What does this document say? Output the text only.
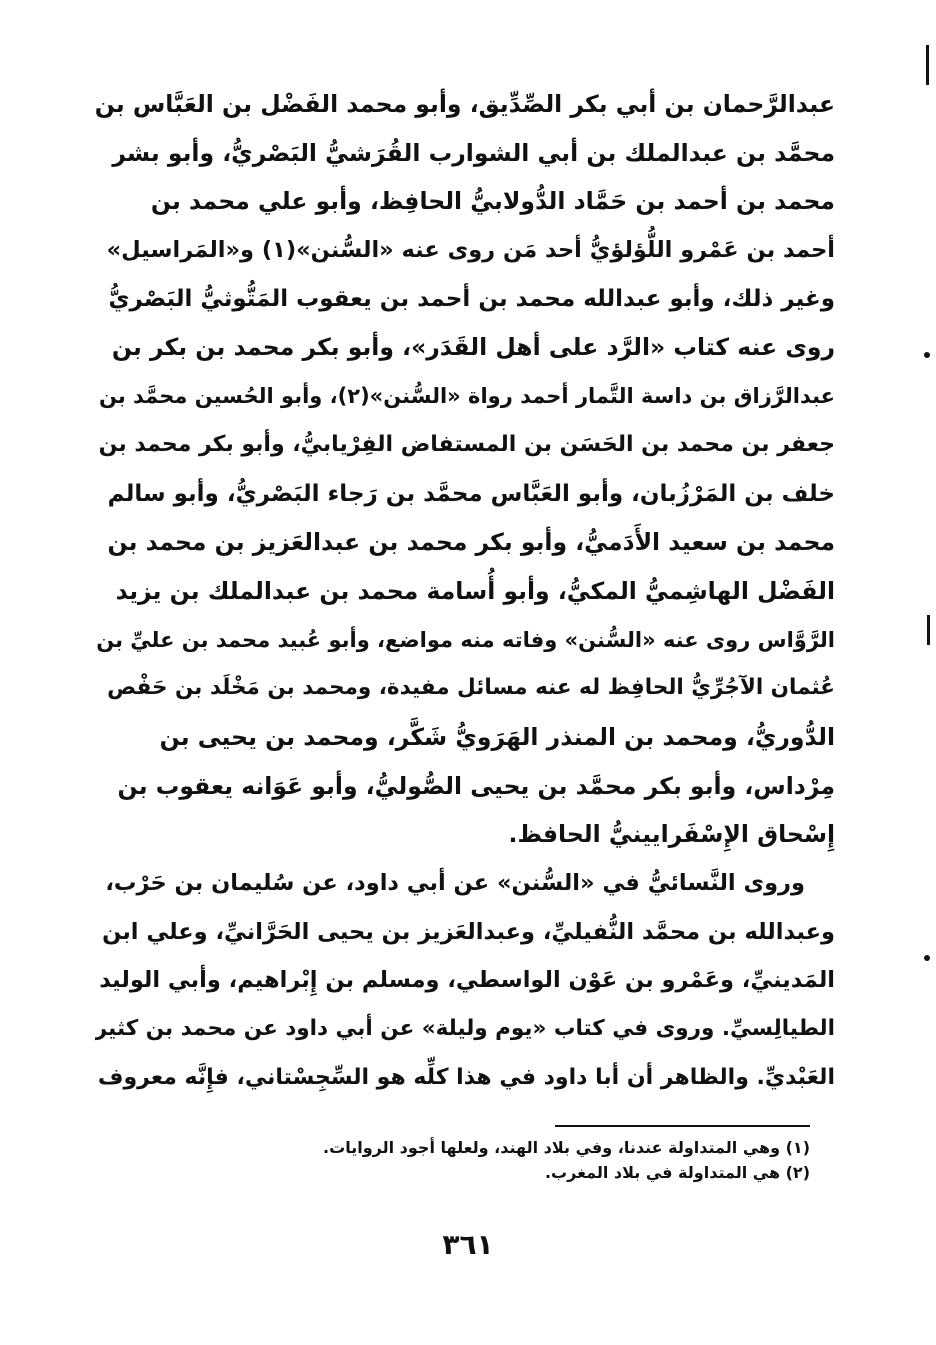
عبدالرَّحمان بن أبي بكر الصِّدِّيق، وأبو محمد الفَضْل بن العَبَّاس بن
محمَّد بن عبدالملك بن أبي الشوارب القُرَشيُّ البَصْريُّ، وأبو بشر
محمد بن أحمد بن حَمَّاد الدُّولابيُّ الحافِظ، وأبو علي محمد بن
أحمد بن عَمْرو اللُّؤلؤيُّ أحد مَن روى عنه «السُّنن»(١) و«المَراسيل»
وغير ذلك، وأبو عبدالله محمد بن أحمد بن يعقوب المَتُّوثيُّ البَصْريُّ
روى عنه كتاب «الرَّد على أهل القَدَر»، وأبو بكر محمد بن بكر بن
عبدالرَّزاق بن داسة التَّمار أحمد رواة «السُّنن»(٢)، وأبو الحُسين محمَّد بن
جعفر بن محمد بن الحَسَن بن المستفاض الفِرْيابيُّ، وأبو بكر محمد بن
خلف بن المَرْزُبان، وأبو العَبَّاس محمَّد بن رَجاء البَصْريُّ، وأبو سالم
محمد بن سعيد الأَدَميُّ، وأبو بكر محمد بن عبدالعَزيز بن محمد بن
الفَضْل الهاشِميُّ المكيُّ، وأبو أُسامة محمد بن عبدالملك بن يزيد
الرَّوَّاس روى عنه «السُّنن» وفاته منه مواضع، وأبو عُبيد محمد بن عليِّ بن
عُثمان الآجُرِّيُّ الحافِظ له عنه مسائل مفيدة، ومحمد بن مَخْلَد بن حَفْص
الدُّوريُّ، ومحمد بن المنذر الهَرَويُّ شَكَّر، ومحمد بن يحيى بن
مِرْداس، وأبو بكر محمَّد بن يحيى الصُّوليُّ، وأبو عَوَانه يعقوب بن
إِسْحاق الإِسْفَرايينيُّ الحافظ.
وروى النَّسائيُّ في «السُّنن» عن أبي داود، عن سُليمان بن حَرْب،
وعبدالله بن محمَّد النُّفيليِّ، وعبدالعَزيز بن يحيى الحَرَّانيِّ، وعلي ابن
المَدينيِّ، وعَمْرو بن عَوْن الواسطي، ومسلم بن إِبْراهيم، وأبي الوليد
الطيالِسيِّ. وروى في كتاب «يوم وليلة» عن أبي داود عن محمد بن كثير
العَبْديِّ. والظاهر أن أبا داود في هذا كلِّه هو السِّجِسْتاني، فإِنَّه معروف
(١) وهي المتداولة عندنا، وفي بلاد الهند، ولعلها أجود الروايات.
(٢) هي المتداولة في بلاد المغرب.
٣٦١
